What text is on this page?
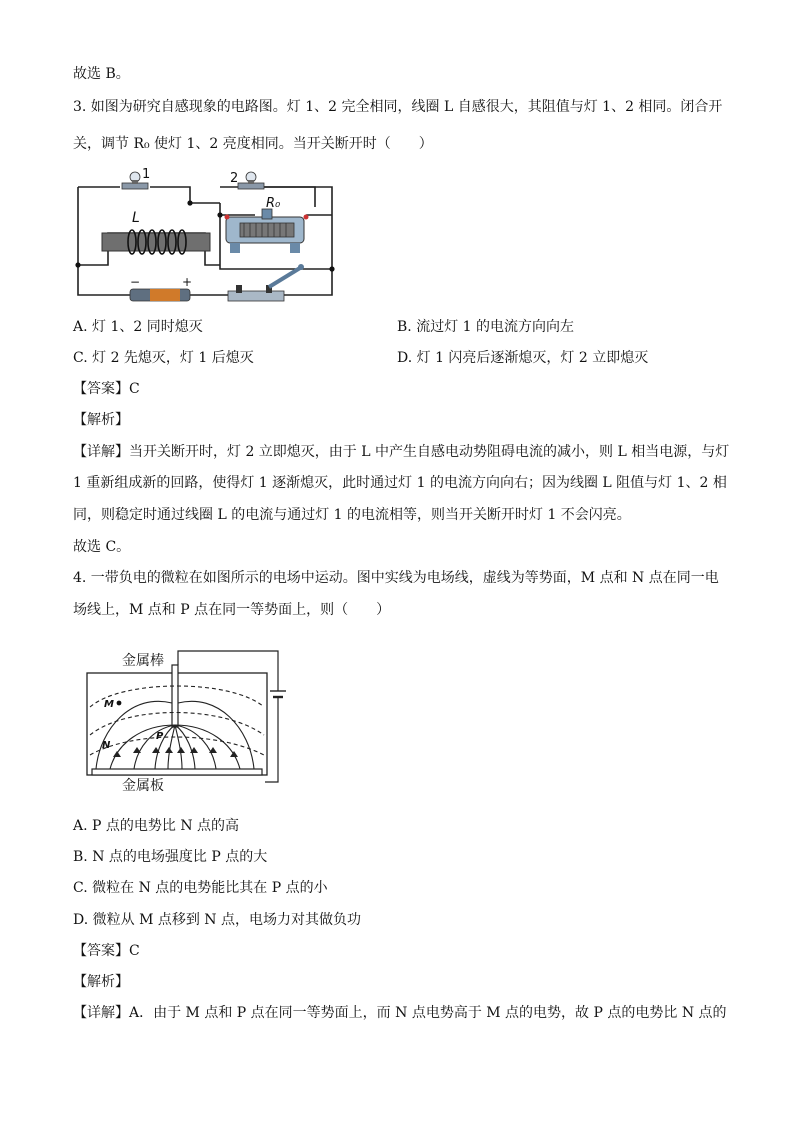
故选 B。
3. 如图为研究自感现象的电路图。灯 1、2 完全相同，线圈 L 自感很大，其阻值与灯 1、2 相同。闭合开
关，调节 R₀ 使灯 1、2 亮度相同。当开关断开时（　　）
1	2
L
R₀
−	+
A. 灯 1、2 同时熄灭	B. 流过灯 1 的电流方向向左
C. 灯 2 先熄灭，灯 1 后熄灭	D. 灯 1 闪亮后逐渐熄灭，灯 2 立即熄灭
【答案】C
【解析】
【详解】当开关断开时，灯 2 立即熄灭，由于 L 中产生自感电动势阻碍电流的减小，则 L 相当电源，与灯
1 重新组成新的回路，使得灯 1 逐渐熄灭，此时通过灯 1 的电流方向向右；因为线圈 L 阻值与灯 1、2 相
同，则稳定时通过线圈 L 的电流与通过灯 1 的电流相等，则当开关断开时灯 1 不会闪亮。
故选 C。
4. 一带负电的微粒在如图所示的电场中运动。图中实线为电场线，虚线为等势面，M 点和 N 点在同一电
场线上，M 点和 P 点在同一等势面上，则（　　）
M
N
P
金属棒
金属板
A. P 点的电势比 N 点的高
B. N 点的电场强度比 P 点的大
C. 微粒在 N 点的电势能比其在 P 点的小
D. 微粒从 M 点移到 N 点，电场力对其做负功
【答案】C
【解析】
【详解】A．由于 M 点和 P 点在同一等势面上，而 N 点电势高于 M 点的电势，故 P 点的电势比 N 点的
